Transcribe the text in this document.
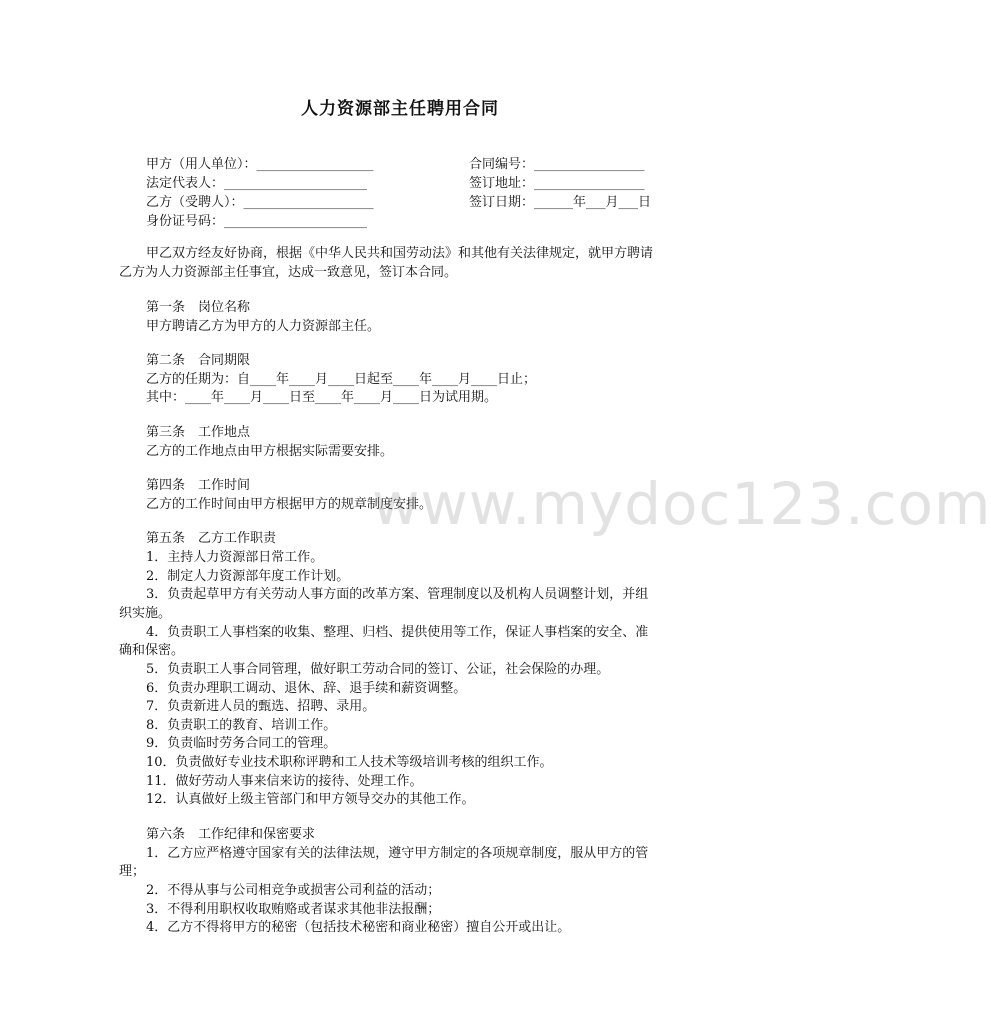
人力资源部主任聘用合同
甲方（用人单位）：__________________
法定代表人：______________________
乙方（受聘人）：____________________
身份证号码：______________________
合同编号：_________________
签订地址：_________________
签订日期：______年___月___日
甲乙双方经友好协商，根据《中华人民共和国劳动法》和其他有关法律规定，就甲方聘请
乙方为人力资源部主任事宜，达成一致意见，签订本合同。
第一条　岗位名称
甲方聘请乙方为甲方的人力资源部主任。
第二条　合同期限
乙方的任期为：自____年____月____日起至____年____月____日止；
其中：____年____月____日至____年____月____日为试用期。
第三条　工作地点
乙方的工作地点由甲方根据实际需要安排。
第四条　工作时间
乙方的工作时间由甲方根据甲方的规章制度安排。
第五条　乙方工作职责
1．主持人力资源部日常工作。
2．制定人力资源部年度工作计划。
3．负责起草甲方有关劳动人事方面的改革方案、管理制度以及机构人员调整计划，并组
织实施。
4．负责职工人事档案的收集、整理、归档、提供使用等工作，保证人事档案的安全、准
确和保密。
5．负责职工人事合同管理，做好职工劳动合同的签订、公证，社会保险的办理。
6．负责办理职工调动、退休、辞、退手续和薪资调整。
7．负责新进人员的甄选、招聘、录用。
8．负责职工的教育、培训工作。
9．负责临时劳务合同工的管理。
10．负责做好专业技术职称评聘和工人技术等级培训考核的组织工作。
11．做好劳动人事来信来访的接待、处理工作。
12．认真做好上级主管部门和甲方领导交办的其他工作。
第六条　工作纪律和保密要求
1．乙方应严格遵守国家有关的法律法规，遵守甲方制定的各项规章制度，服从甲方的管
理；
2．不得从事与公司相竞争或损害公司利益的活动；
3．不得利用职权收取贿赂或者谋求其他非法报酬；
4．乙方不得将甲方的秘密（包括技术秘密和商业秘密）擅自公开或出让。
www.mydoc123.com
